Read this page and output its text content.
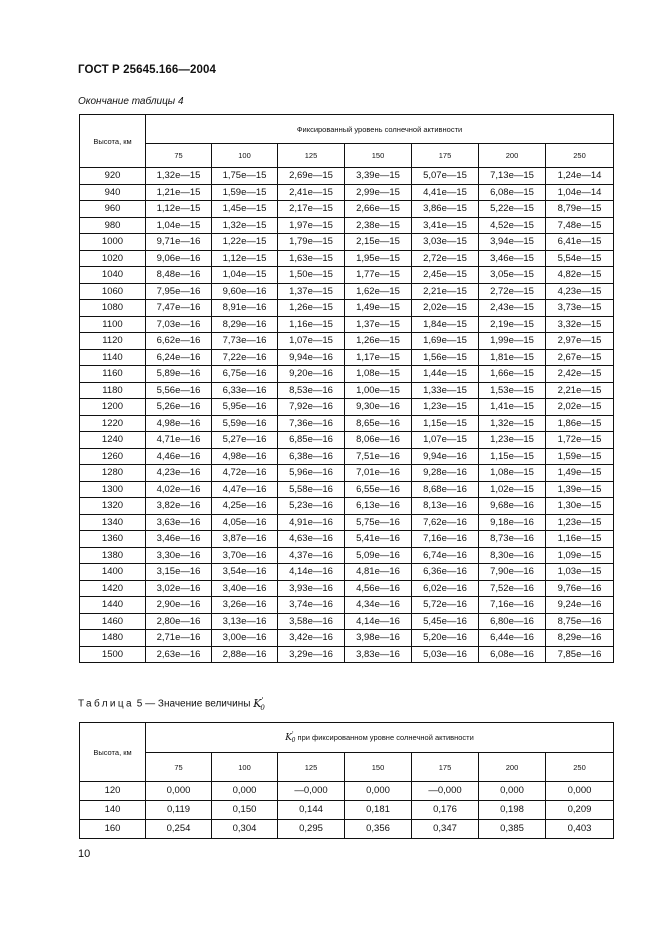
ГОСТ Р 25645.166—2004
Окончание таблицы 4
Высота, км	Фиксированный уровень солнечной активности						
	75	100	125	150	175	200	250
920	1,32е—15	1,75е—15	2,69е—15	3,39е—15	5,07е—15	7,13е—15	1,24е—14
940	1,21е—15	1,59е—15	2,41е—15	2,99е—15	4,41е—15	6,08е—15	1,04е—14
960	1,12е—15	1,45е—15	2,17е—15	2,66е—15	3,86е—15	5,22е—15	8,79е—15
980	1,04е—15	1,32е—15	1,97е—15	2,38е—15	3,41е—15	4,52е—15	7,48е—15
1000	9,71е—16	1,22е—15	1,79е—15	2,15е—15	3,03е—15	3,94е—15	6,41е—15
1020	9,06е—16	1,12е—15	1,63е—15	1,95е—15	2,72е—15	3,46е—15	5,54е—15
1040	8,48е—16	1,04е—15	1,50е—15	1,77е—15	2,45е—15	3,05е—15	4,82е—15
1060	7,95е—16	9,60е—16	1,37е—15	1,62е—15	2,21е—15	2,72е—15	4,23е—15
1080	7,47е—16	8,91е—16	1,26е—15	1,49е—15	2,02е—15	2,43е—15	3,73е—15
1100	7,03е—16	8,29е—16	1,16е—15	1,37е—15	1,84е—15	2,19е—15	3,32е—15
1120	6,62е—16	7,73е—16	1,07е—15	1,26е—15	1,69е—15	1,99е—15	2,97е—15
1140	6,24е—16	7,22е—16	9,94е—16	1,17е—15	1,56е—15	1,81е—15	2,67е—15
1160	5,89е—16	6,75е—16	9,20е—16	1,08е—15	1,44е—15	1,66е—15	2,42е—15
1180	5,56е—16	6,33е—16	8,53е—16	1,00е—15	1,33е—15	1,53е—15	2,21е—15
1200	5,26е—16	5,95е—16	7,92е—16	9,30е—16	1,23е—15	1,41е—15	2,02е—15
1220	4,98е—16	5,59е—16	7,36е—16	8,65е—16	1,15е—15	1,32е—15	1,86е—15
1240	4,71е—16	5,27е—16	6,85е—16	8,06е—16	1,07е—15	1,23е—15	1,72е—15
1260	4,46е—16	4,98е—16	6,38е—16	7,51е—16	9,94е—16	1,15е—15	1,59е—15
1280	4,23е—16	4,72е—16	5,96е—16	7,01е—16	9,28е—16	1,08е—15	1,49е—15
1300	4,02е—16	4,47е—16	5,58е—16	6,55е—16	8,68е—16	1,02е—15	1,39е—15
1320	3,82е—16	4,25е—16	5,23е—16	6,13е—16	8,13е—16	9,68е—16	1,30е—15
1340	3,63е—16	4,05е—16	4,91е—16	5,75е—16	7,62е—16	9,18е—16	1,23е—15
1360	3,46е—16	3,87е—16	4,63е—16	5,41е—16	7,16е—16	8,73е—16	1,16е—15
1380	3,30е—16	3,70е—16	4,37е—16	5,09е—16	6,74е—16	8,30е—16	1,09е—15
1400	3,15е—16	3,54е—16	4,14е—16	4,81е—16	6,36е—16	7,90е—16	1,03е—15
1420	3,02е—16	3,40е—16	3,93е—16	4,56е—16	6,02е—16	7,52е—16	9,76е—16
1440	2,90е—16	3,26е—16	3,74е—16	4,34е—16	5,72е—16	7,16е—16	9,24е—16
1460	2,80е—16	3,13е—16	3,58е—16	4,14е—16	5,45е—16	6,80е—16	8,75е—16
1480	2,71е—16	3,00е—16	3,42е—16	3,98е—16	5,20е—16	6,44е—16	8,29е—16
1500	2,63е—16	2,88е—16	3,29е—16	3,83е—16	5,03е—16	6,08е—16	7,85е—16
Таблица 5 — Значение величины $K'_0$
Высота, км	$K'_0$ при фиксированном уровне солнечной активности						
	75	100	125	150	175	200	250
120	0,000	0,000	—0,000	0,000	—0,000	0,000	0,000
140	0,119	0,150	0,144	0,181	0,176	0,198	0,209
160	0,254	0,304	0,295	0,356	0,347	0,385	0,403
10
